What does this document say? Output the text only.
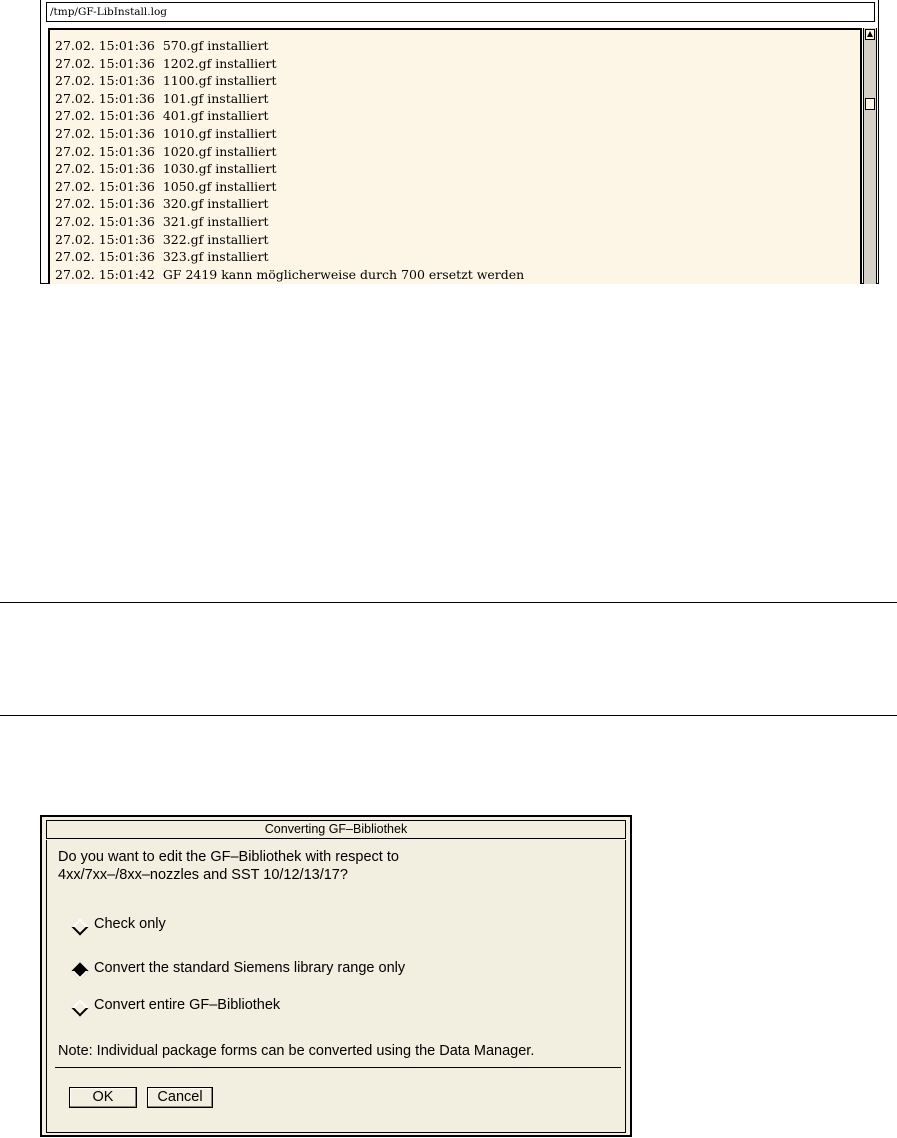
/tmp/GF-LibInstall.log
27.02. 15:01:36  570.gf installiert
27.02. 15:01:36  1202.gf installiert
27.02. 15:01:36  1100.gf installiert
27.02. 15:01:36  101.gf installiert
27.02. 15:01:36  401.gf installiert
27.02. 15:01:36  1010.gf installiert
27.02. 15:01:36  1020.gf installiert
27.02. 15:01:36  1030.gf installiert
27.02. 15:01:36  1050.gf installiert
27.02. 15:01:36  320.gf installiert
27.02. 15:01:36  321.gf installiert
27.02. 15:01:36  322.gf installiert
27.02. 15:01:36  323.gf installiert
27.02. 15:01:42  GF 2419 kann möglicherweise durch 700 ersetzt werden
Converting GF–Bibliothek
Do you want to edit the GF–Bibliothek with respect to
4xx/7xx–/8xx–nozzles and SST 10/12/13/17?
Check only
Convert the standard Siemens library range only
Convert entire GF–Bibliothek
Note: Individual package forms can be converted using the Data Manager.
OK	Cancel
